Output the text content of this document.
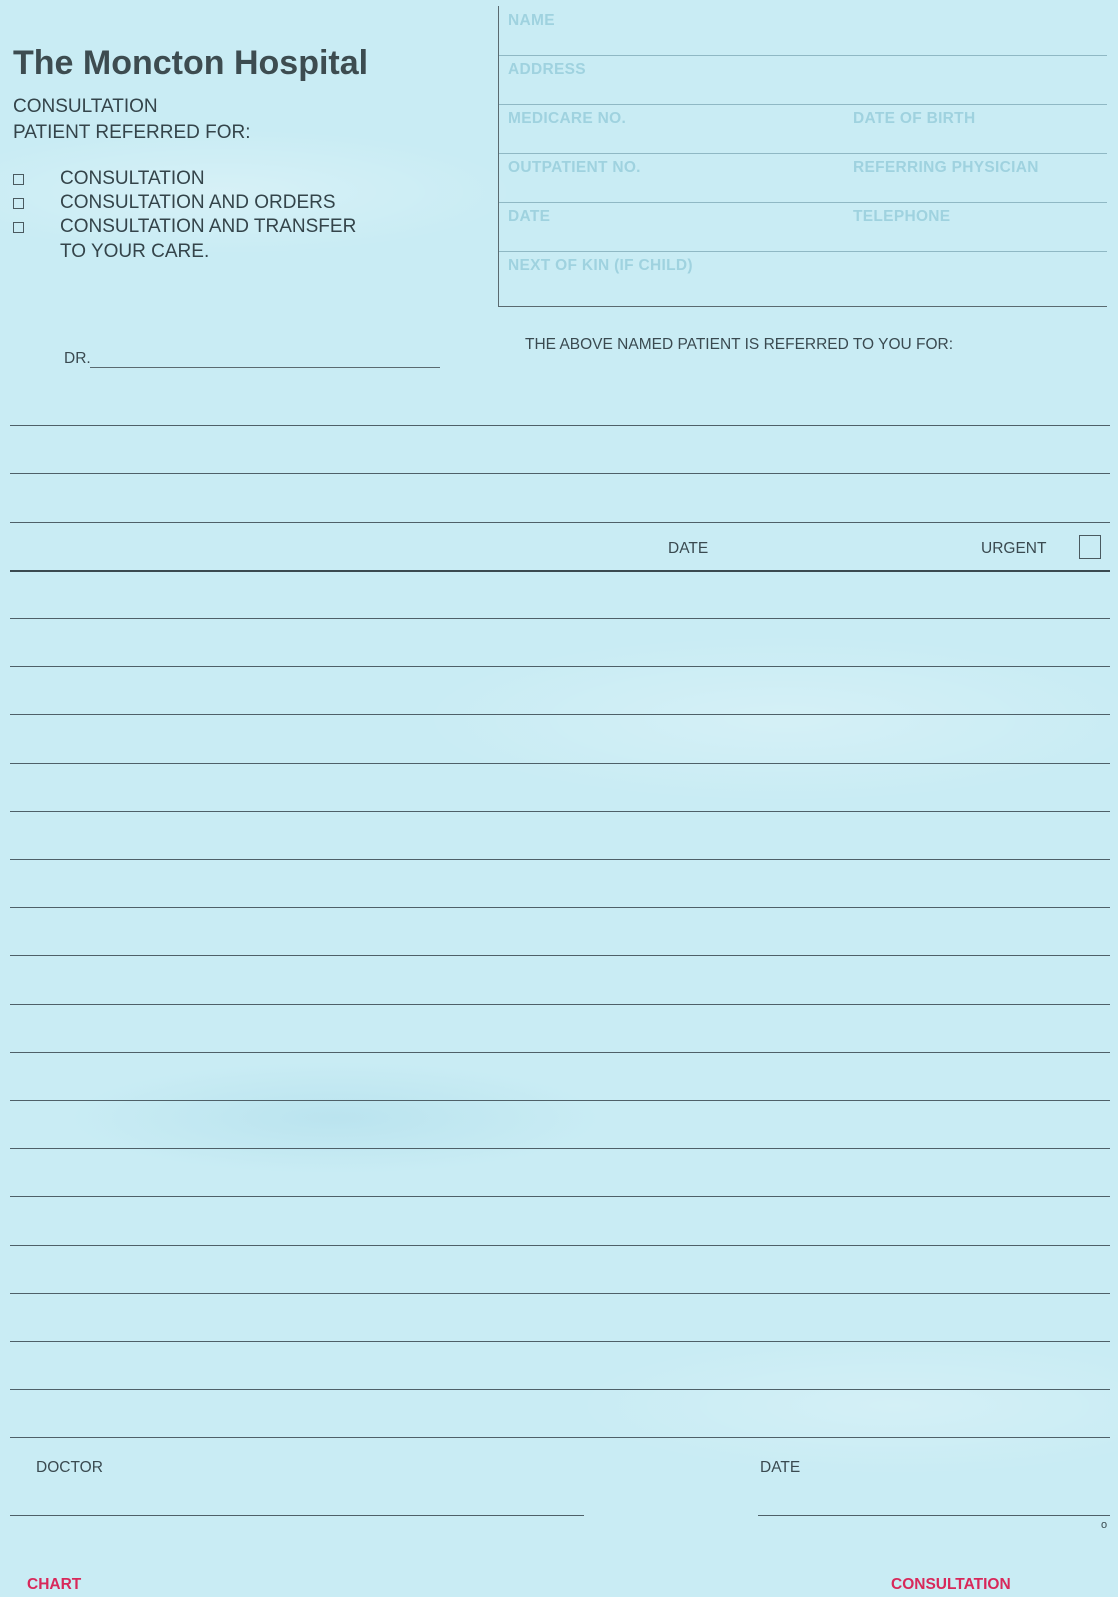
The Moncton Hospital
CONSULTATION
PATIENT REFERRED FOR:
CONSULTATION
CONSULTATION AND ORDERS
CONSULTATION AND TRANSFER
TO YOUR CARE.
NAME
ADDRESS
MEDICARE NO.	DATE OF BIRTH
OUTPATIENT NO.	REFERRING PHYSICIAN
DATE	TELEPHONE
NEXT OF KIN (IF CHILD)
THE ABOVE NAMED PATIENT IS REFERRED TO YOU FOR:
DR.
DATE	URGENT
DOCTOR	DATE
o
CHART	CONSULTATION
